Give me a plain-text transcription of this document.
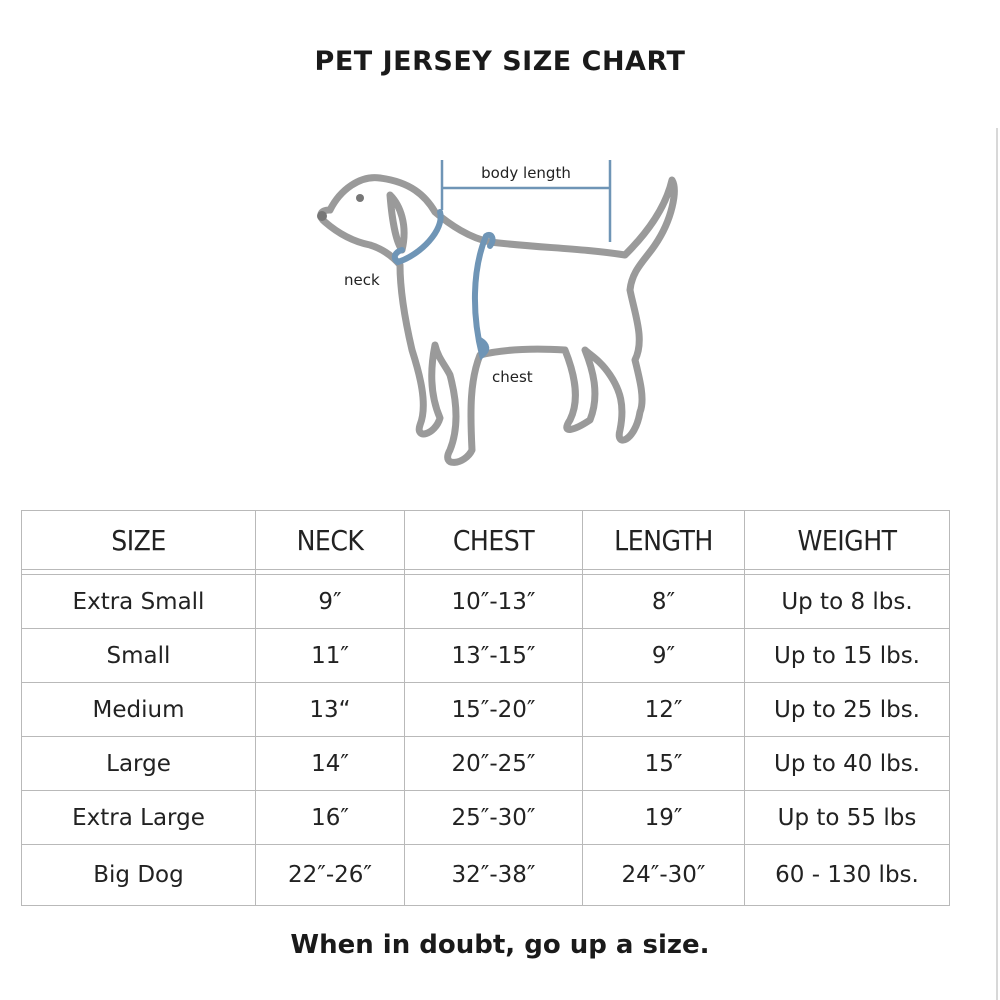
PET JERSEY SIZE CHART
body length
neck
chest
SIZE	NECK	CHEST	LENGTH	WEIGHT

Extra Small	9″	10″-13″	8″	Up to 8 lbs.
Small	11″	13″-15″	9″	Up to 15 lbs.
Medium	13“	15″-20″	12″	Up to 25 lbs.
Large	14″	20″-25″	15″	Up to 40 lbs.
Extra Large	16″	25″-30″	19″	Up to 55 lbs
Big Dog	22″-26″	32″-38″	24″-30″	60 - 130 lbs.
When in doubt, go up a size.
